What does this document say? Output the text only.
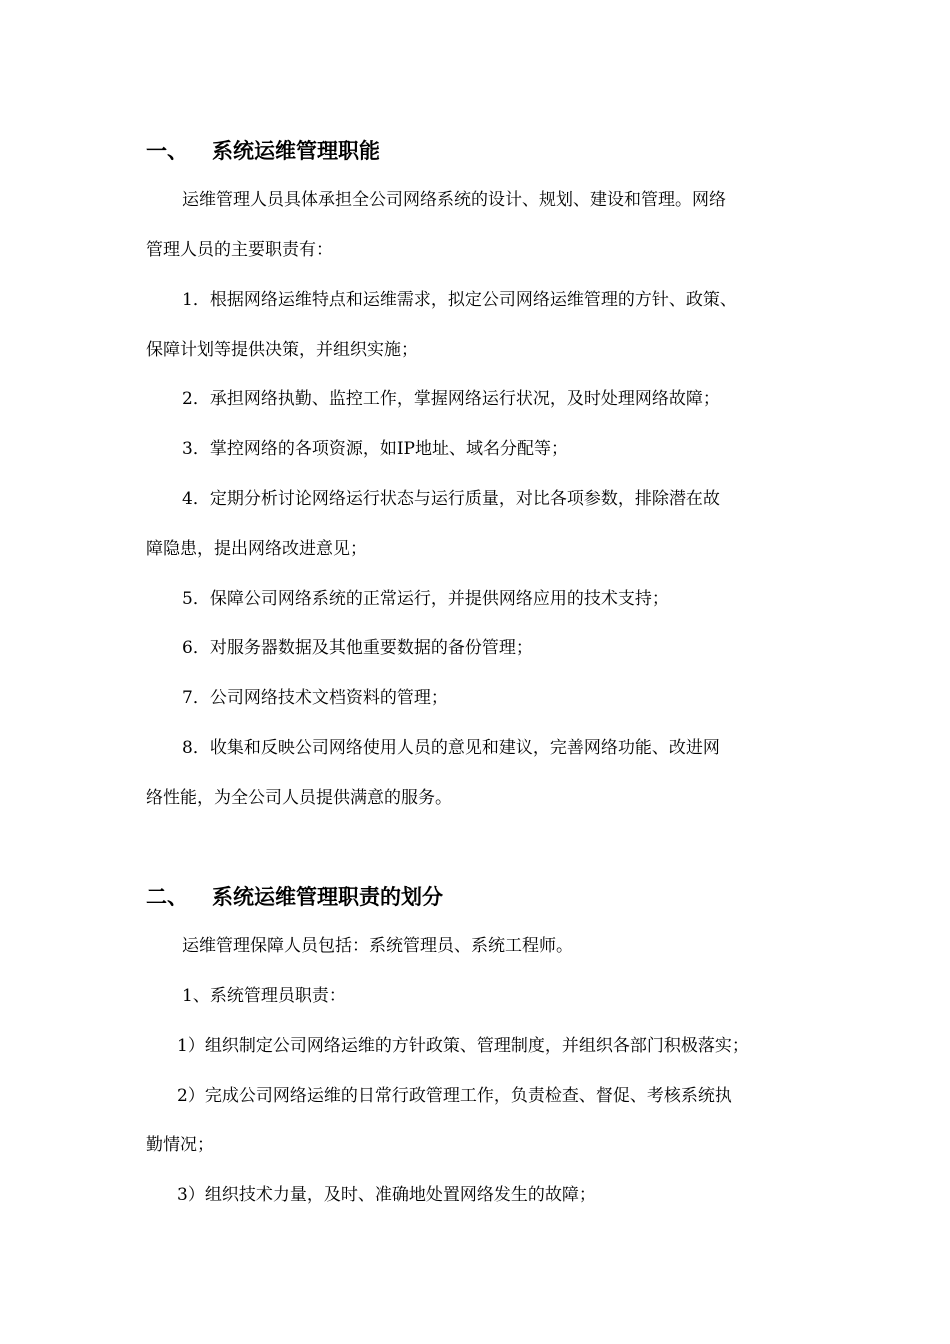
一、 系统运维管理职能
运维管理人员具体承担全公司网络系统的设计、规划、建设和管理。网络
管理人员的主要职责有：
1．根据网络运维特点和运维需求，拟定公司网络运维管理的方针、政策、
保障计划等提供决策，并组织实施；
2．承担网络执勤、监控工作，掌握网络运行状况，及时处理网络故障；
3．掌控网络的各项资源，如IP地址、域名分配等；
4．定期分析讨论网络运行状态与运行质量，对比各项参数，排除潜在故
障隐患，提出网络改进意见；
5．保障公司网络系统的正常运行，并提供网络应用的技术支持；
6．对服务器数据及其他重要数据的备份管理；
7．公司网络技术文档资料的管理；
8．收集和反映公司网络使用人员的意见和建议，完善网络功能、改进网
络性能，为全公司人员提供满意的服务。
二、 系统运维管理职责的划分
运维管理保障人员包括：系统管理员、系统工程师。
1、系统管理员职责：
1）组织制定公司网络运维的方针政策、管理制度，并组织各部门积极落实；
2）完成公司网络运维的日常行政管理工作，负责检查、督促、考核系统执
勤情况；
3）组织技术力量，及时、准确地处置网络发生的故障；
